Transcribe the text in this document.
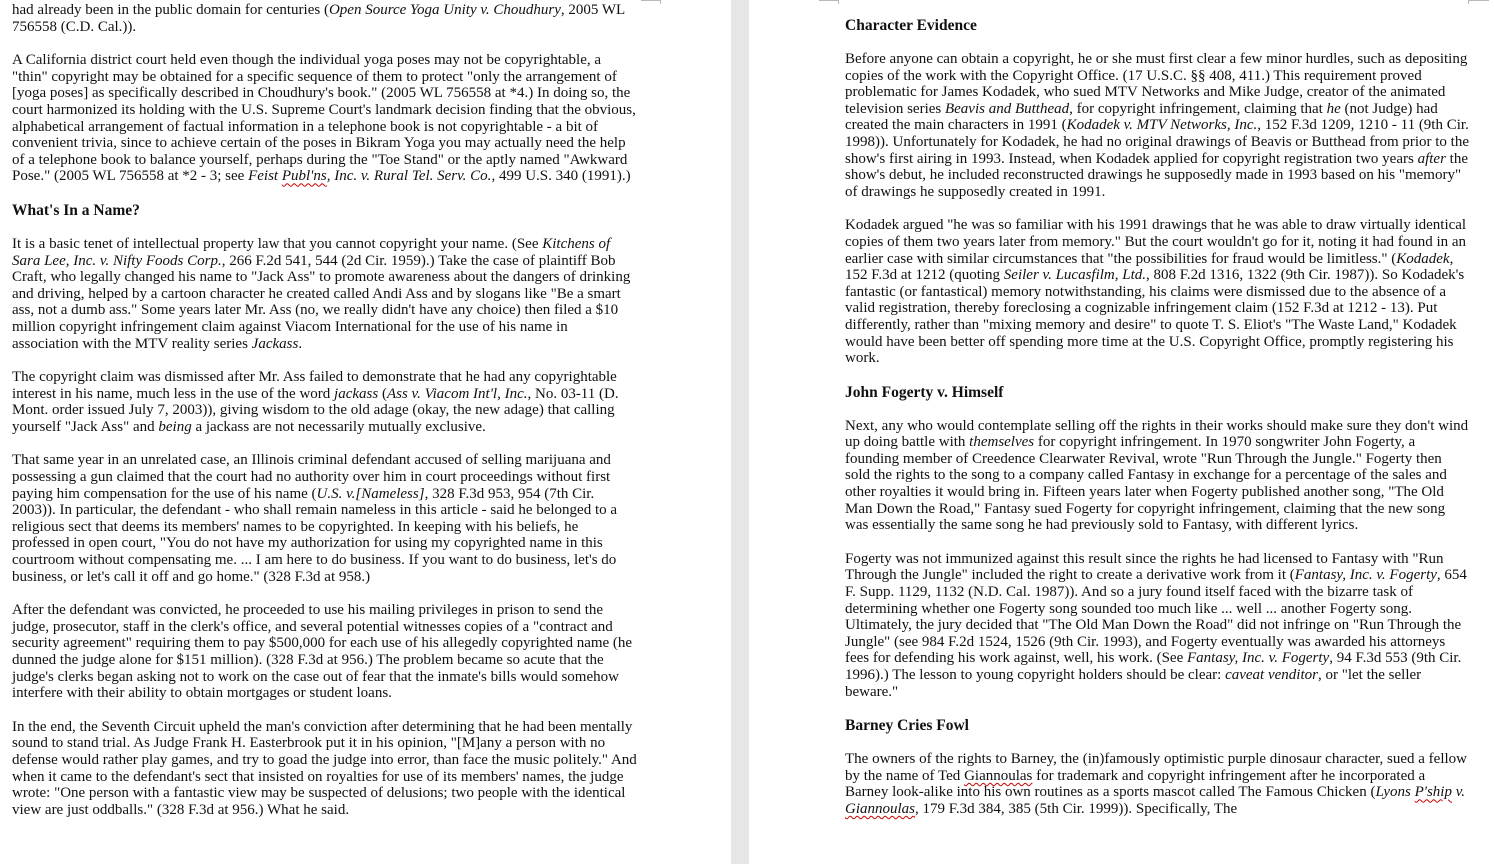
had already been in the public domain for centuries (Open Source Yoga Unity v. Choudhury, 2005 WL 756558 (C.D. Cal.)).

A California district court held even though the individual yoga poses may not be copyrightable, a "thin" copyright may be obtained for a specific sequence of them to protect "only the arrangement of [yoga poses] as specifically described in Choudhury's book." (2005 WL 756558 at *4.) In doing so, the court harmonized its holding with the U.S. Supreme Court's landmark decision finding that the obvious, alphabetical arrangement of factual information in a telephone book is not copyrightable - a bit of convenient trivia, since to achieve certain of the poses in Bikram Yoga you may actually need the help of a telephone book to balance yourself, perhaps during the "Toe Stand" or the aptly named "Awkward Pose." (2005 WL 756558 at *2 - 3; see Feist Publ'ns, Inc. v. Rural Tel. Serv. Co., 499 U.S. 340 (1991).)

What's In a Name?

It is a basic tenet of intellectual property law that you cannot copyright your name. (See Kitchens of Sara Lee, Inc. v. Nifty Foods Corp., 266 F.2d 541, 544 (2d Cir. 1959).) Take the case of plaintiff Bob Craft, who legally changed his name to "Jack Ass" to promote awareness about the dangers of drinking and driving, helped by a cartoon character he created called Andi Ass and by slogans like "Be a smart ass, not a dumb ass." Some years later Mr. Ass (no, we really didn't have any choice) then filed a $10 million copyright infringement claim against Viacom International for the use of his name in association with the MTV reality series Jackass.

The copyright claim was dismissed after Mr. Ass failed to demonstrate that he had any copyrightable interest in his name, much less in the use of the word jackass (Ass v. Viacom Int'l, Inc., No. 03-11 (D. Mont. order issued July 7, 2003)), giving wisdom to the old adage (okay, the new adage) that calling yourself "Jack Ass" and being a jackass are not necessarily mutually exclusive.

That same year in an unrelated case, an Illinois criminal defendant accused of selling marijuana and possessing a gun claimed that the court had no authority over him in court proceedings without first paying him compensation for the use of his name (U.S. v.[Nameless], 328 F.3d 953, 954 (7th Cir. 2003)). In particular, the defendant - who shall remain nameless in this article - said he belonged to a religious sect that deems its members' names to be copyrighted. In keeping with his beliefs, he professed in open court, "You do not have my authorization for using my copyrighted name in this courtroom without compensating me. ... I am here to do business. If you want to do business, let's do business, or let's call it off and go home." (328 F.3d at 958.)

After the defendant was convicted, he proceeded to use his mailing privileges in prison to send the judge, prosecutor, staff in the clerk's office, and several potential witnesses copies of a "contract and security agreement" requiring them to pay $500,000 for each use of his allegedly copyrighted name (he dunned the judge alone for $151 million). (328 F.3d at 956.) The problem became so acute that the judge's clerks began asking not to work on the case out of fear that the inmate's bills would somehow interfere with their ability to obtain mortgages or student loans.

In the end, the Seventh Circuit upheld the man's conviction after determining that he had been mentally sound to stand trial. As Judge Frank H. Easterbrook put it in his opinion, "[M]any a person with no defense would rather play games, and try to goad the judge into error, than face the music politely." And when it came to the defendant's sect that insisted on royalties for use of its members' names, the judge wrote: "One person with a fantastic view may be suspected of delusions; two people with the identical view are just oddballs." (328 F.3d at 956.) What he said.

Character Evidence

Before anyone can obtain a copyright, he or she must first clear a few minor hurdles, such as depositing copies of the work with the Copyright Office. (17 U.S.C. §§ 408, 411.) This requirement proved problematic for James Kodadek, who sued MTV Networks and Mike Judge, creator of the animated television series Beavis and Butthead, for copyright infringement, claiming that he (not Judge) had created the main characters in 1991 (Kodadek v. MTV Networks, Inc., 152 F.3d 1209, 1210 - 11 (9th Cir. 1998)). Unfortunately for Kodadek, he had no original drawings of Beavis or Butthead from prior to the show's first airing in 1993. Instead, when Kodadek applied for copyright registration two years after the show's debut, he included reconstructed drawings he supposedly made in 1993 based on his "memory" of drawings he supposedly created in 1991.

Kodadek argued "he was so familiar with his 1991 drawings that he was able to draw virtually identical copies of them two years later from memory." But the court wouldn't go for it, noting it had found in an earlier case with similar circumstances that "the possibilities for fraud would be limitless." (Kodadek, 152 F.3d at 1212 (quoting Seiler v. Lucasfilm, Ltd., 808 F.2d 1316, 1322 (9th Cir. 1987)). So Kodadek's fantastic (or fantastical) memory notwithstanding, his claims were dismissed due to the absence of a valid registration, thereby foreclosing a cognizable infringement claim (152 F.3d at 1212 - 13). Put differently, rather than "mixing memory and desire" to quote T. S. Eliot's "The Waste Land," Kodadek would have been better off spending more time at the U.S. Copyright Office, promptly registering his work.

John Fogerty v. Himself

Next, any who would contemplate selling off the rights in their works should make sure they don't wind up doing battle with themselves for copyright infringement. In 1970 songwriter John Fogerty, a founding member of Creedence Clearwater Revival, wrote "Run Through the Jungle." Fogerty then sold the rights to the song to a company called Fantasy in exchange for a percentage of the sales and other royalties it would bring in. Fifteen years later when Fogerty published another song, "The Old Man Down the Road," Fantasy sued Fogerty for copyright infringement, claiming that the new song was essentially the same song he had previously sold to Fantasy, with different lyrics.

Fogerty was not immunized against this result since the rights he had licensed to Fantasy with "Run Through the Jungle" included the right to create a derivative work from it (Fantasy, Inc. v. Fogerty, 654 F. Supp. 1129, 1132 (N.D. Cal. 1987)). And so a jury found itself faced with the bizarre task of determining whether one Fogerty song sounded too much like ... well ... another Fogerty song. Ultimately, the jury decided that "The Old Man Down the Road" did not infringe on "Run Through the Jungle" (see 984 F.2d 1524, 1526 (9th Cir. 1993), and Fogerty eventually was awarded his attorneys fees for defending his work against, well, his work. (See Fantasy, Inc. v. Fogerty, 94 F.3d 553 (9th Cir. 1996).) The lesson to young copyright holders should be clear: caveat venditor, or "let the seller beware."

Barney Cries Fowl

The owners of the rights to Barney, the (in)famously optimistic purple dinosaur character, sued a fellow by the name of Ted Giannoulas for trademark and copyright infringement after he incorporated a Barney look-alike into his own routines as a sports mascot called The Famous Chicken (Lyons P'ship v. Giannoulas, 179 F.3d 384, 385 (5th Cir. 1999)). Specifically, The
